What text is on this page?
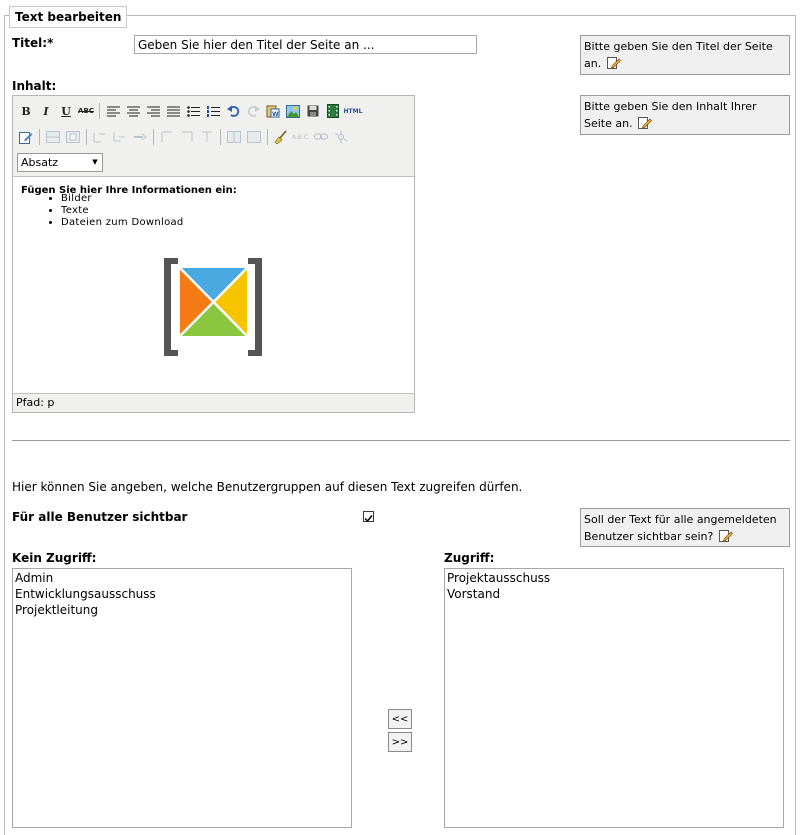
Text bearbeiten
Titel:*
Geben Sie hier den Titel der Seite an ...	Bitte geben Sie den Titel der Seite an.
Inhalt:
Bitte geben Sie den Inhalt Ihrer Seite an.
B	I	U	ABC	W	HTML
A.B.C.
Absatz	▼
Fügen Sie hier Ihre Informationen ein:
• Bilder
• Texte
• Dateien zum Download
Pfad: p
Hier können Sie angeben, welche Benutzergruppen auf diesen Text zugreifen dürfen.
Für alle Benutzer sichtbar	Soll der Text für alle angemeldeten Benutzer sichtbar sein?
Kein Zugriff:	Zugriff:
Admin
Entwicklungsausschuss
Projektleitung
Projektausschuss
Vorstand
<<
>>
